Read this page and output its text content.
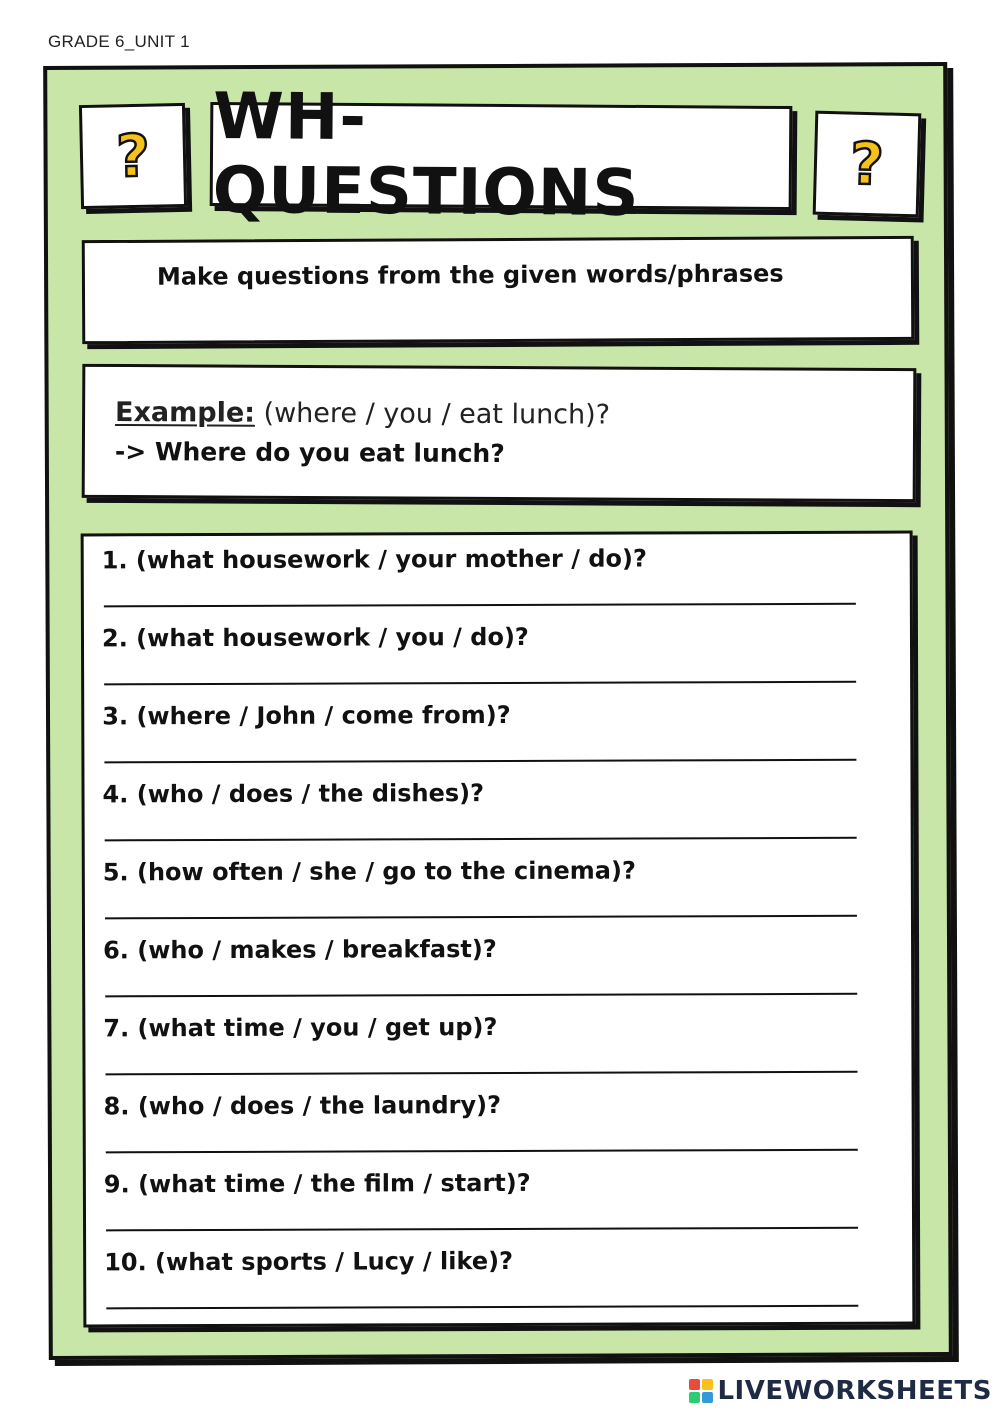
GRADE 6_UNIT 1
?
WH-QUESTIONS	?
Make questions from the given words/phrases
Example: (where / you / eat lunch)?
-> Where do you eat lunch?
1. (what housework / your mother / do)?
2. (what housework / you / do)?
3. (where / John / come from)?
4. (who / does / the dishes)?
5. (how often / she / go to the cinema)?
6. (who / makes / breakfast)?
7. (what time / you / get up)?
8. (who / does / the laundry)?
9. (what time / the film / start)?
10. (what sports / Lucy / like)?
LIVEWORKSHEETS
